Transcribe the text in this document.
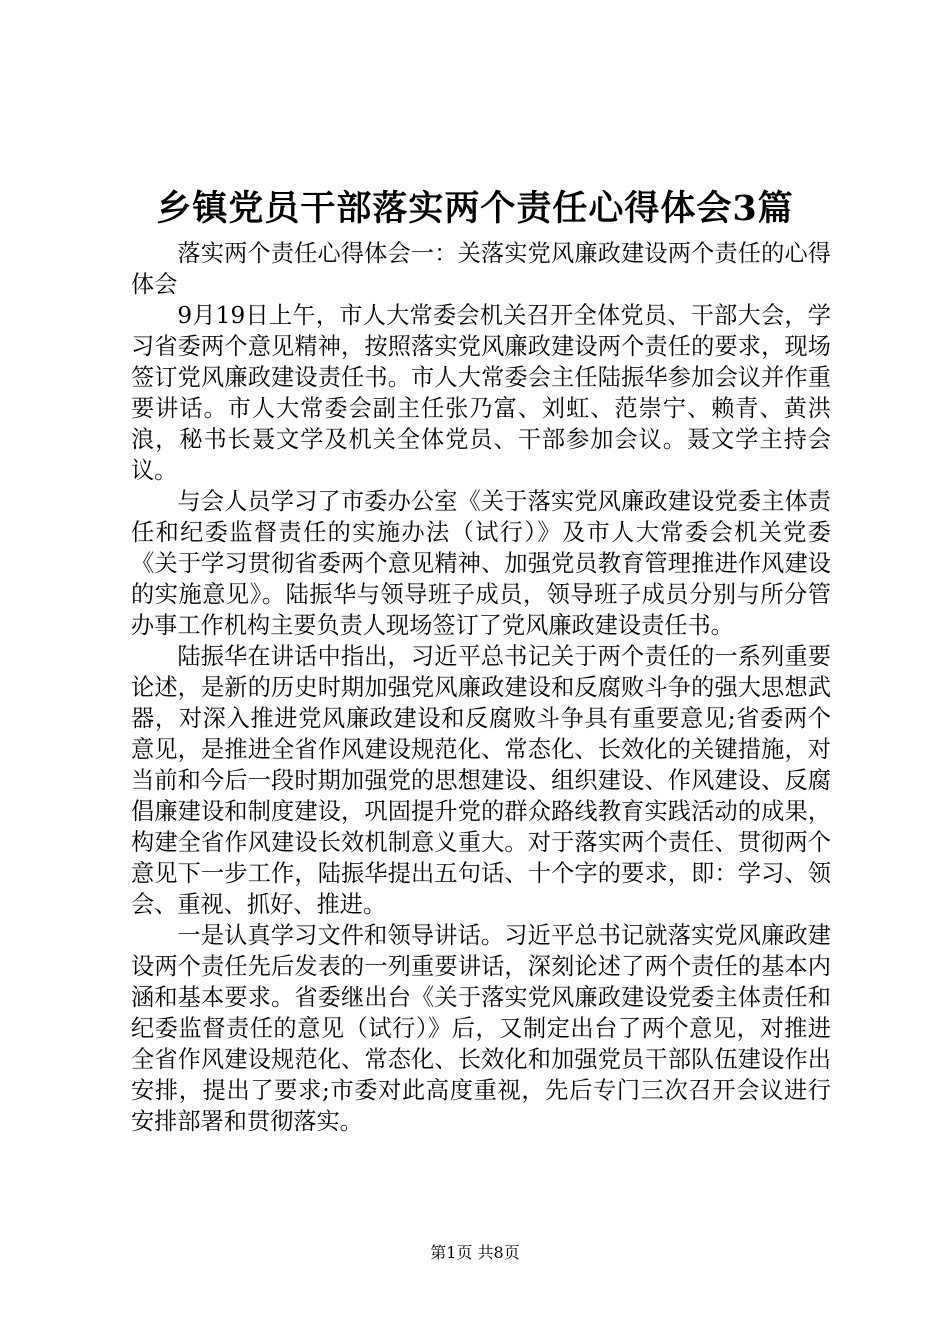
乡镇党员干部落实两个责任心得体会3篇

落实两个责任心得体会一：关落实党风廉政建设两个责任的心得体会

9月19日上午，市人大常委会机关召开全体党员、干部大会，学习省委两个意见精神，按照落实党风廉政建设两个责任的要求，现场签订党风廉政建设责任书。市人大常委会主任陆振华参加会议并作重要讲话。市人大常委会副主任张乃富、刘虹、范崇宁、赖青、黄洪浪，秘书长聂文学及机关全体党员、干部参加会议。聂文学主持会议。

与会人员学习了市委办公室《关于落实党风廉政建设党委主体责任和纪委监督责任的实施办法（试行）》及市人大常委会机关党委《关于学习贯彻省委两个意见精神、加强党员教育管理推进作风建设的实施意见》。陆振华与领导班子成员，领导班子成员分别与所分管办事工作机构主要负责人现场签订了党风廉政建设责任书。

陆振华在讲话中指出，习近平总书记关于两个责任的一系列重要论述，是新的历史时期加强党风廉政建设和反腐败斗争的强大思想武器，对深入推进党风廉政建设和反腐败斗争具有重要意见;省委两个意见，是推进全省作风建设规范化、常态化、长效化的关键措施，对当前和今后一段时期加强党的思想建设、组织建设、作风建设、反腐倡廉建设和制度建设，巩固提升党的群众路线教育实践活动的成果，构建全省作风建设长效机制意义重大。对于落实两个责任、贯彻两个意见下一步工作，陆振华提出五句话、十个字的要求，即：学习、领会、重视、抓好、推进。

一是认真学习文件和领导讲话。习近平总书记就落实党风廉政建设两个责任先后发表的一列重要讲话，深刻论述了两个责任的基本内涵和基本要求。省委继出台《关于落实党风廉政建设党委主体责任和纪委监督责任的意见（试行）》后，又制定出台了两个意见，对推进全省作风建设规范化、常态化、长效化和加强党员干部队伍建设作出安排，提出了要求;市委对此高度重视，先后专门三次召开会议进行安排部署和贯彻落实。

第1页 共8页
